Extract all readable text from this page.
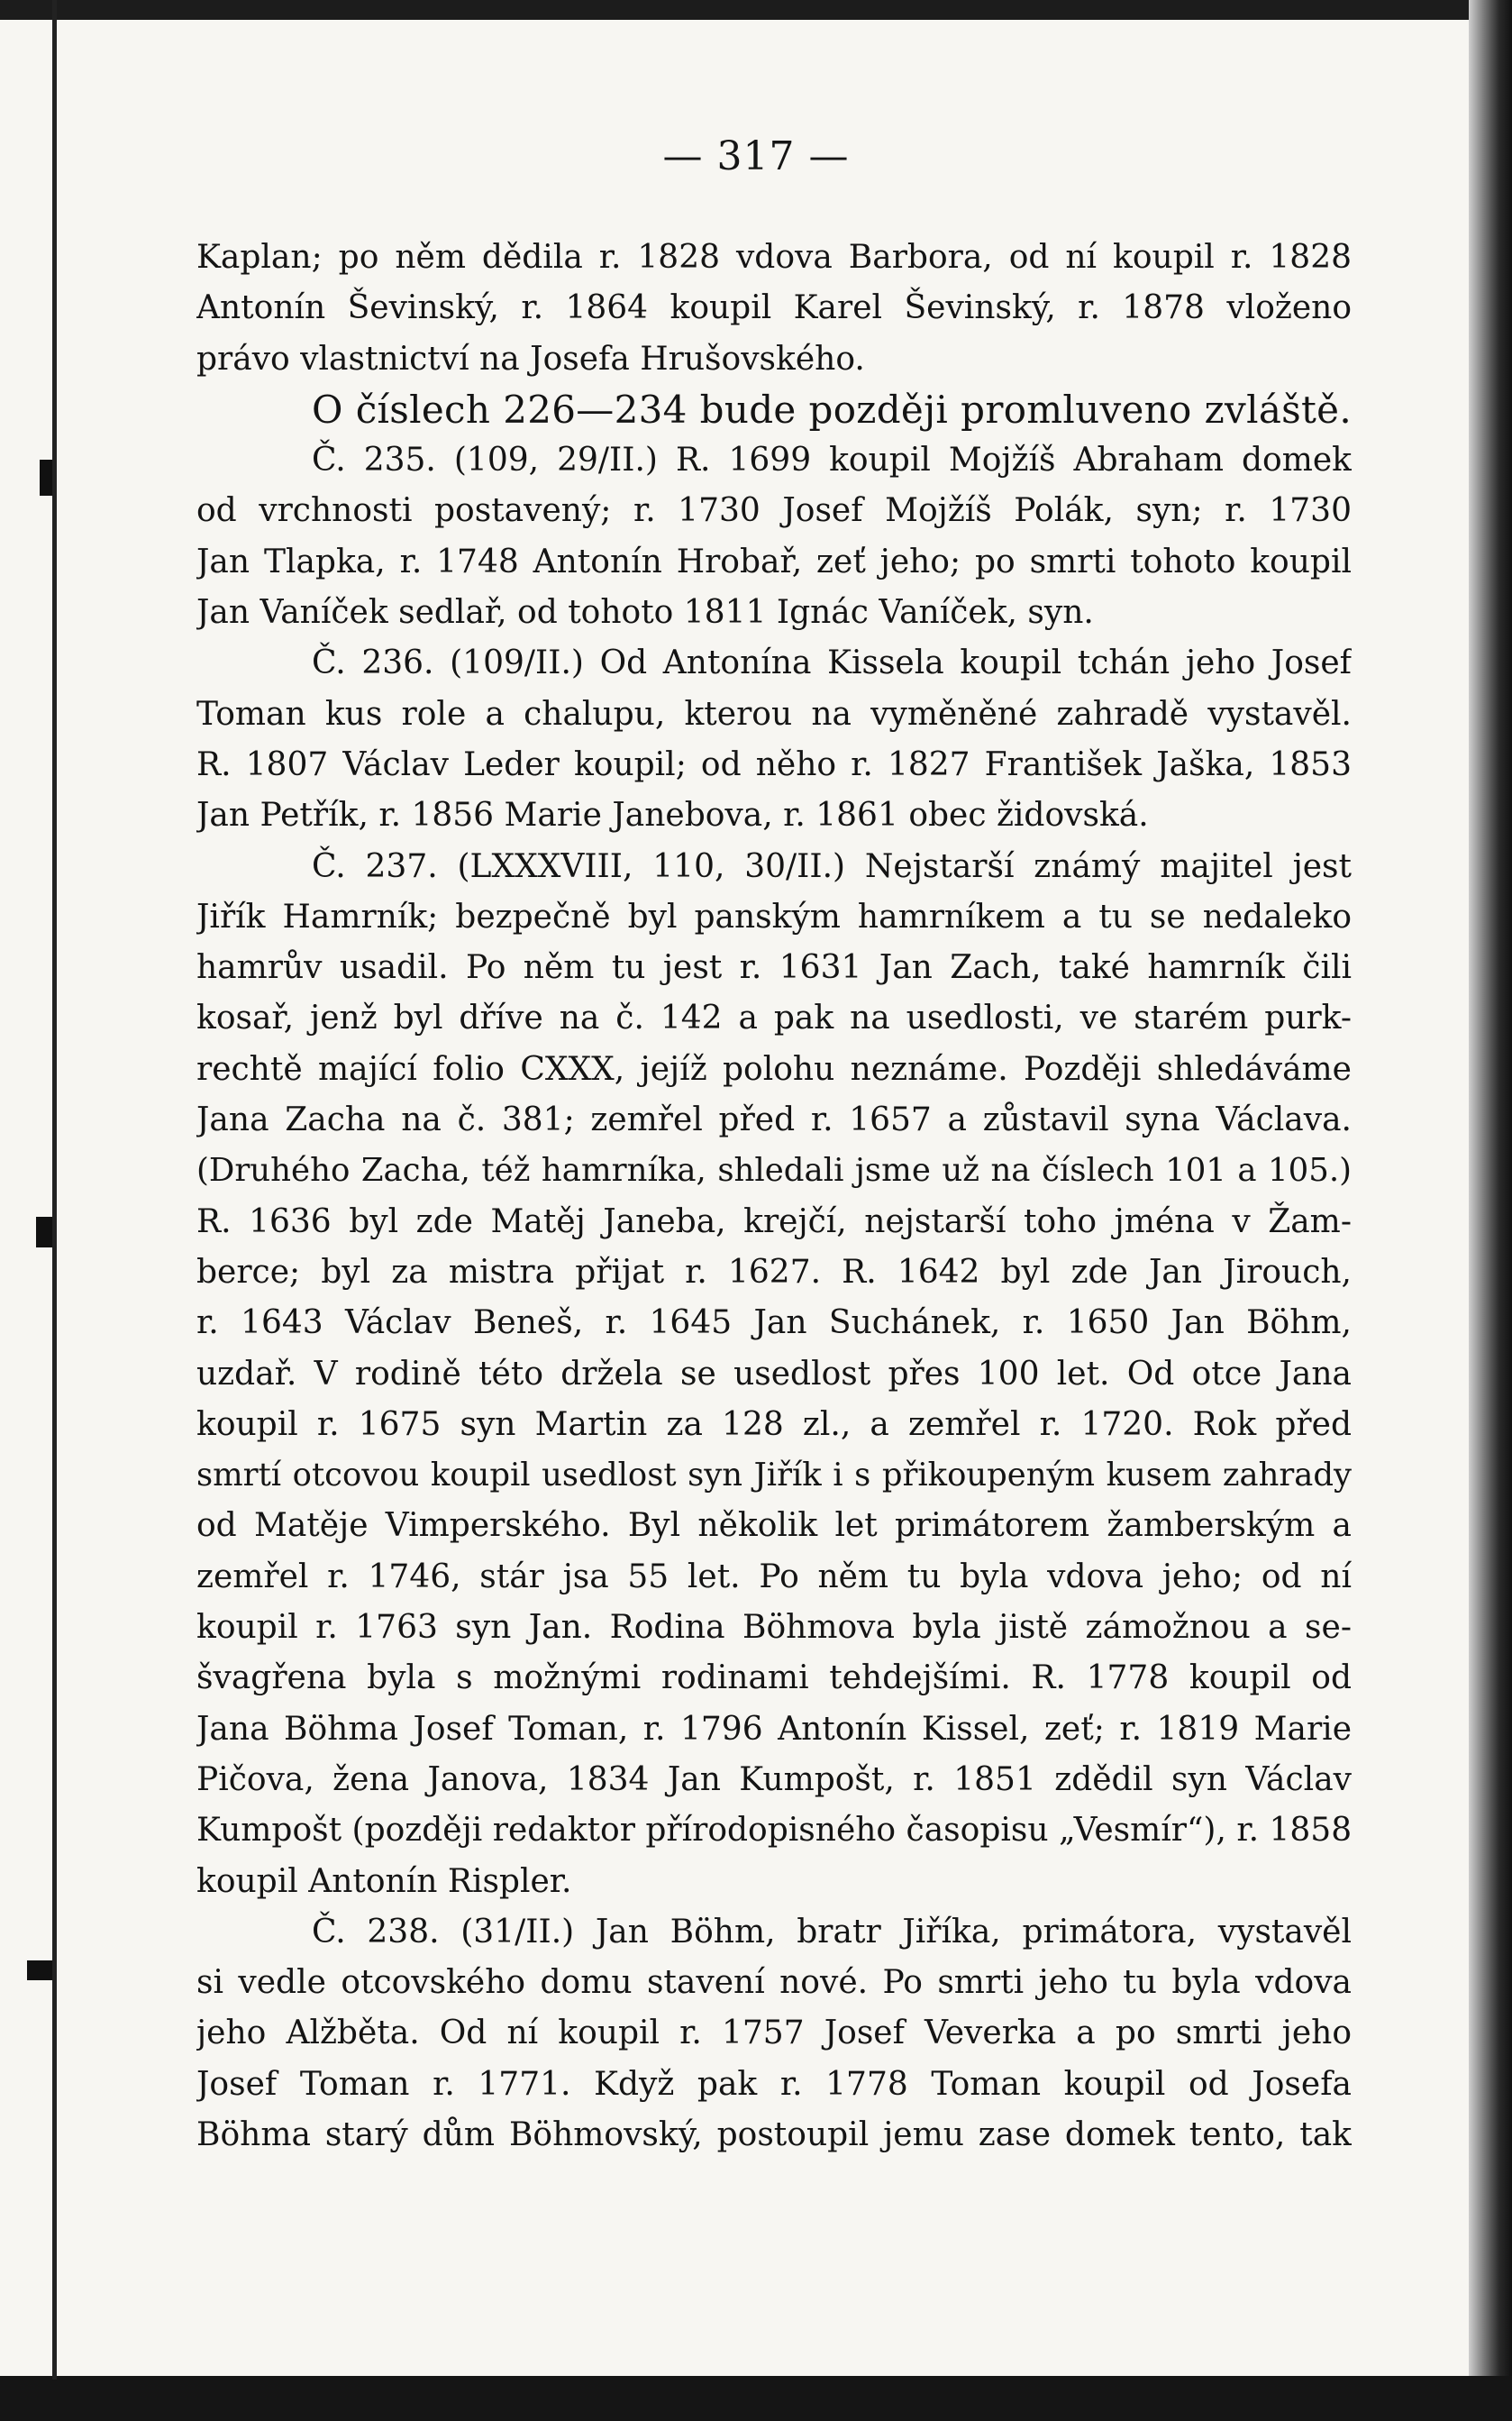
— 317 —
Kaplan; po něm dědila r. 1828 vdova Barbora, od ní koupil r. 1828
Antonín Ševinský, r. 1864 koupil Karel Ševinský, r. 1878 vloženo
právo vlastnictví na Josefa Hrušovského.
O číslech 226—234 bude později promluveno zvláště.
Č. 235. (109, 29/II.) R. 1699 koupil Mojžíš Abraham domek
od vrchnosti postavený; r. 1730 Josef Mojžíš Polák, syn; r. 1730
Jan Tlapka, r. 1748 Antonín Hrobař, zeť jeho; po smrti tohoto koupil
Jan Vaníček sedlař, od tohoto 1811 Ignác Vaníček, syn.
Č. 236. (109/II.) Od Antonína Kissela koupil tchán jeho Josef
Toman kus role a chalupu, kterou na vyměněné zahradě vystavěl.
R. 1807 Václav Leder koupil; od něho r. 1827 František Jaška, 1853
Jan Petřík, r. 1856 Marie Janebova, r. 1861 obec židovská.
Č. 237. (LXXXVIII, 110, 30/II.) Nejstarší známý majitel jest
Jiřík Hamrník; bezpečně byl panským hamrníkem a tu se nedaleko
hamrův usadil. Po něm tu jest r. 1631 Jan Zach, také hamrník čili
kosař, jenž byl dříve na č. 142 a pak na usedlosti, ve starém purk-
rechtě mající folio CXXX, jejíž polohu neznáme. Později shledáváme
Jana Zacha na č. 381; zemřel před r. 1657 a zůstavil syna Václava.
(Druhého Zacha, též hamrníka, shledali jsme už na číslech 101 a 105.)
R. 1636 byl zde Matěj Janeba, krejčí, nejstarší toho jména v Žam-
berce; byl za mistra přijat r. 1627. R. 1642 byl zde Jan Jirouch,
r. 1643 Václav Beneš, r. 1645 Jan Suchánek, r. 1650 Jan Böhm,
uzdař. V rodině této držela se usedlost přes 100 let. Od otce Jana
koupil r. 1675 syn Martin za 128 zl., a zemřel r. 1720. Rok před
smrtí otcovou koupil usedlost syn Jiřík i s přikoupeným kusem zahrady
od Matěje Vimperského. Byl několik let primátorem žamberským a
zemřel r. 1746, stár jsa 55 let. Po něm tu byla vdova jeho; od ní
koupil r. 1763 syn Jan. Rodina Böhmova byla jistě zámožnou a se-
švagřena byla s možnými rodinami tehdejšími. R. 1778 koupil od
Jana Böhma Josef Toman, r. 1796 Antonín Kissel, zeť; r. 1819 Marie
Pičova, žena Janova, 1834 Jan Kumpošt, r. 1851 zdědil syn Václav
Kumpošt (později redaktor přírodopisného časopisu „Vesmír“), r. 1858
koupil Antonín Rispler.
Č. 238. (31/II.) Jan Böhm, bratr Jiříka, primátora, vystavěl
si vedle otcovského domu stavení nové. Po smrti jeho tu byla vdova
jeho Alžběta. Od ní koupil r. 1757 Josef Veverka a po smrti jeho
Josef Toman r. 1771. Když pak r. 1778 Toman koupil od Josefa
Böhma starý dům Böhmovský, postoupil jemu zase domek tento, tak
